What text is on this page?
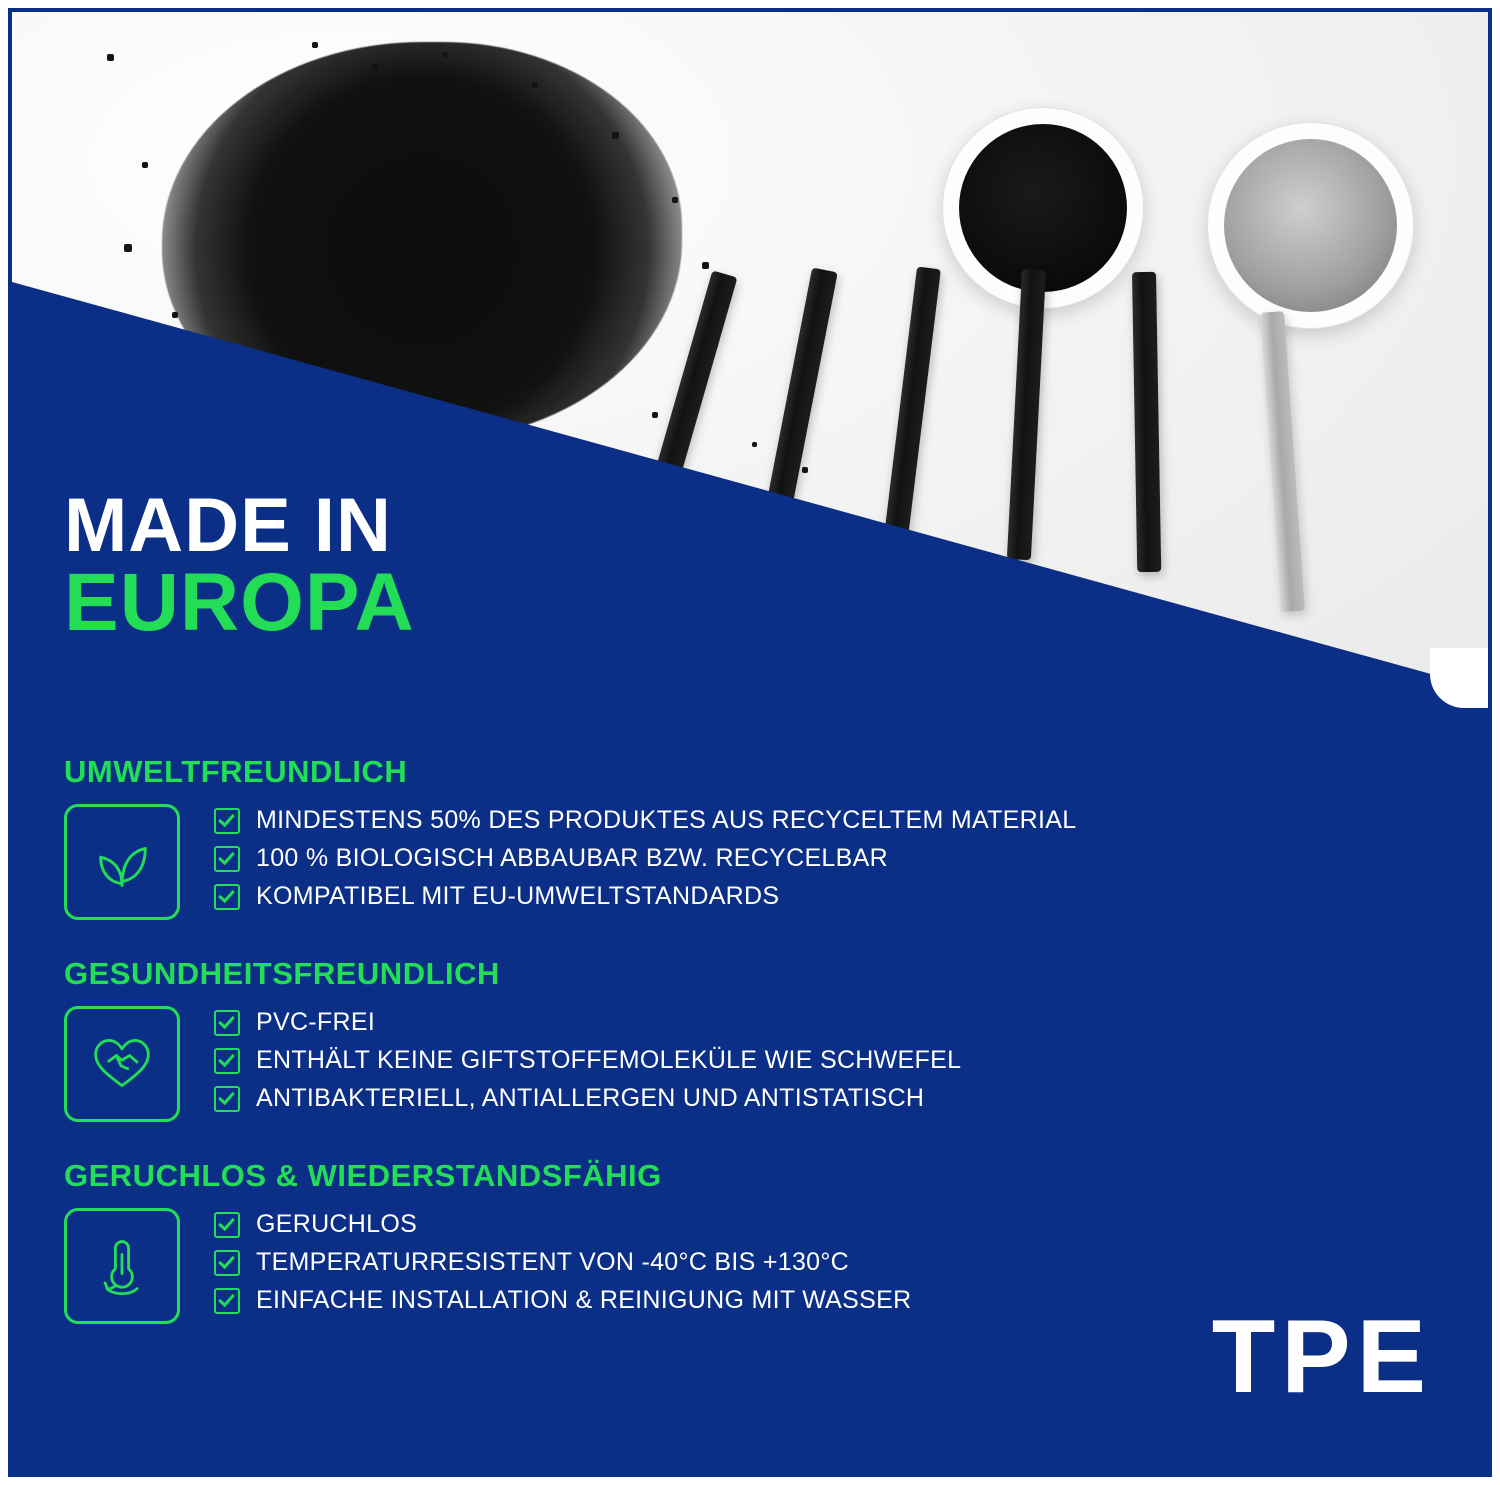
MADE IN
EUROPA
UMWELTFREUNDLICH
MINDESTENS 50% DES PRODUKTES AUS RECYCELTEM MATERIAL
100 % BIOLOGISCH ABBAUBAR BZW. RECYCELBAR
KOMPATIBEL MIT EU-UMWELTSTANDARDS
GESUNDHEITSFREUNDLICH
PVC-FREI
ENTHÄLT KEINE GIFTSTOFFEMOLEKÜLE WIE SCHWEFEL
ANTIBAKTERIELL, ANTIALLERGEN UND ANTISTATISCH
GERUCHLOS & WIEDERSTANDSFÄHIG
GERUCHLOS
TEMPERATURRESISTENT VON -40°C BIS +130°C
EINFACHE INSTALLATION & REINIGUNG MIT WASSER	TPE
